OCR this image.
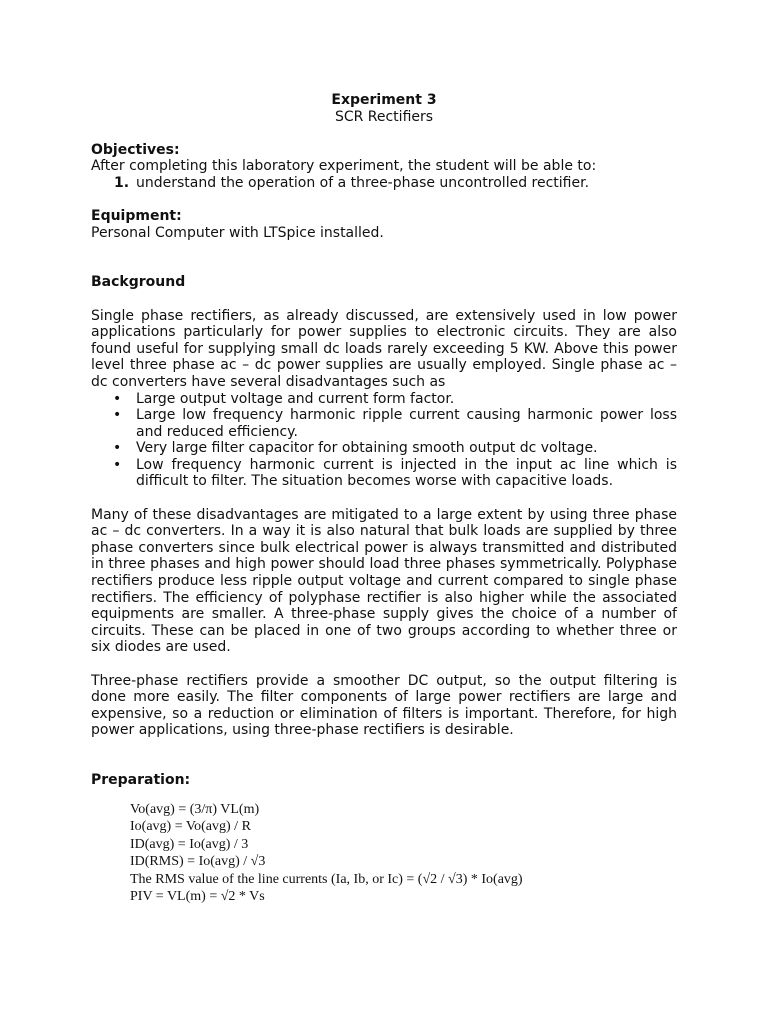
Experiment 3
SCR Rectifiers
Objectives:

After completing this laboratory experiment, the student will be able to:

1. understand the operation of a three-phase uncontrolled rectifier.
Equipment:

Personal Computer with LTSpice installed.

Background

Single phase rectifiers, as already discussed, are extensively used in low power applications particularly for power supplies to electronic circuits. They are also found useful for supplying small dc loads rarely exceeding 5 KW. Above this power level three phase ac – dc power supplies are usually employed. Single phase ac – dc converters have several disadvantages such as

• Large output voltage and current form factor.
• Large low frequency harmonic ripple current causing harmonic power loss and reduced efficiency.
• Very large filter capacitor for obtaining smooth output dc voltage.
• Low frequency harmonic current is injected in the input ac line which is difficult to filter. The situation becomes worse with capacitive loads.

Many of these disadvantages are mitigated to a large extent by using three phase ac – dc converters. In a way it is also natural that bulk loads are supplied by three phase converters since bulk electrical power is always transmitted and distributed in three phases and high power should load three phases symmetrically. Polyphase rectifiers produce less ripple output voltage and current compared to single phase rectifiers. The efficiency of polyphase rectifier is also higher while the associated equipments are smaller. A three-phase supply gives the choice of a number of circuits. These can be placed in one of two groups according to whether three or six diodes are used.

Three-phase rectifiers provide a smoother DC output, so the output filtering is done more easily. The filter components of large power rectifiers are large and expensive, so a reduction or elimination of filters is important. Therefore, for high power applications, using three-phase rectifiers is desirable.

Preparation:
Vo(avg) = (3/π) VL(m)
Io(avg) = Vo(avg) / R
ID(avg) = Io(avg) / 3
ID(RMS) = Io(avg) / √3
The RMS value of the line currents (Ia, Ib, or Ic) = (√2 / √3) * Io(avg)
PIV = VL(m) = √2 * Vs
